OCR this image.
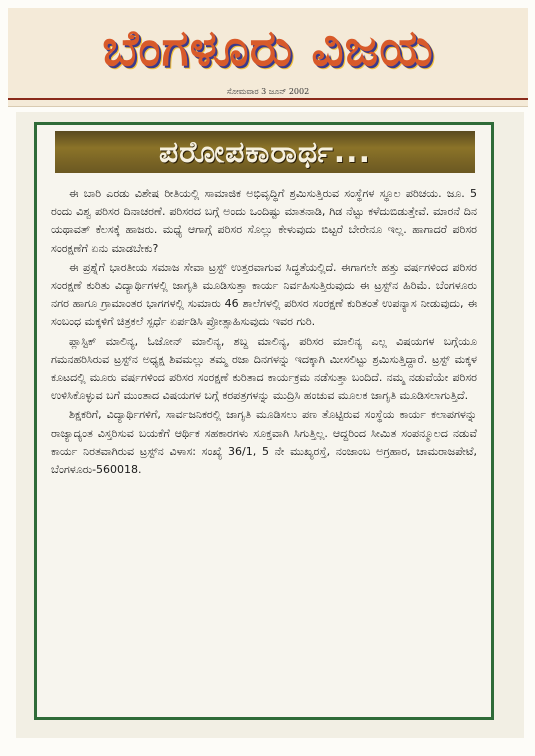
ಬೆಂಗಳೂರು ವಿಜಯ
ಸೋಮವಾರ 3 ಜೂನ್ 2002
ಪರೋಪಕಾರಾರ್ಥ...

ಈ ಬಾರಿ ಎರಡು ವಿಶೇಷ ರೀತಿಯಲ್ಲಿ ಸಾಮಾಜಿಕ ಅಭಿವೃದ್ಧಿಗೆ ಶ್ರಮಿಸುತ್ತಿರುವ ಸಂಸ್ಥೆಗಳ ಸ್ಥೂಲ ಪರಿಚಯ. ಜೂ. 5 ರಂದು ವಿಶ್ವ ಪರಿಸರ ದಿನಾಚರಣೆ. ಪರಿಸರದ ಬಗ್ಗೆ ಅಂದು ಒಂದಿಷ್ಟು ಮಾತನಾಡಿ, ಗಿಡ ನೆಟ್ಟು ಕಳೆದುಬಿಡುತ್ತೇವೆ. ಮಾರನೆ ದಿನ ಯಥಾವತ್ ಕೆಲಸಕ್ಕೆ ಹಾಜರು. ಮಧ್ಯೆ ಆಗಾಗ್ಗೆ ಪರಿಸರ ಸೊಲ್ಲು ಕೇಳುವುದು ಬಿಟ್ಟರೆ ಬೇರೇನೂ ಇಲ್ಲ. ಹಾಗಾದರೆ ಪರಿಸರ ಸಂರಕ್ಷಣೆಗೆ ಏನು ಮಾಡಬೇಕು?

ಈ ಪ್ರಶ್ನೆಗೆ ಭಾರತೀಯ ಸಮಾಜ ಸೇವಾ ಟ್ರಸ್ಟ್ ಉತ್ತರವಾಗುವ ಸಿದ್ಧತೆಯಲ್ಲಿದೆ. ಈಗಾಗಲೇ ಹತ್ತು ವರ್ಷಗಳಿಂದ ಪರಿಸರ ಸಂರಕ್ಷಣೆ ಕುರಿತು ವಿದ್ಯಾರ್ಥಿಗಳಲ್ಲಿ ಜಾಗೃತಿ ಮೂಡಿಸುತ್ತಾ ಕಾರ್ಯ ನಿರ್ವಹಿಸುತ್ತಿರುವುದು ಈ ಟ್ರಸ್ಟ್‌ನ ಹಿರಿಮೆ. ಬೆಂಗಳೂರು ನಗರ ಹಾಗೂ ಗ್ರಾಮಾಂತರ ಭಾಗಗಳಲ್ಲಿ ಸುಮಾರು 46 ಶಾಲೆಗಳಲ್ಲಿ ಪರಿಸರ ಸಂರಕ್ಷಣೆ ಕುರಿತಂತೆ ಉಪನ್ಯಾಸ ನೀಡುವುದು, ಈ ಸಂಬಂಧ ಮಕ್ಕಳಿಗೆ ಚಿತ್ರಕಲೆ ಸ್ಪರ್ಧೆ ಏರ್ಪಡಿಸಿ ಪ್ರೋತ್ಸಾಹಿಸುವುದು ಇವರ ಗುರಿ.

ಪ್ಲಾಸ್ಟಿಕ್ ಮಾಲಿನ್ಯ, ಓಜೋನ್ ಮಾಲಿನ್ಯ, ಶಬ್ದ ಮಾಲಿನ್ಯ, ಪರಿಸರ ಮಾಲಿನ್ಯ ಎಲ್ಲ ವಿಷಯಗಳ ಬಗ್ಗೆಯೂ ಗಮನಹರಿಸಿರುವ ಟ್ರಸ್ಟ್‌ನ ಅಧ್ಯಕ್ಷ ಶಿವಮಲ್ಲು ತಮ್ಮ ರಜಾ ದಿನಗಳನ್ನು ಇದಕ್ಕಾಗಿ ಮೀಸಲಿಟ್ಟು ಶ್ರಮಿಸುತ್ತಿದ್ದಾರೆ. ಟ್ರಸ್ಟ್ ಮಕ್ಕಳ ಕೂಟದಲ್ಲಿ ಮೂರು ವರ್ಷಗಳಿಂದ ಪರಿಸರ ಸಂರಕ್ಷಣೆ ಕುರಿತಾದ ಕಾರ್ಯಕ್ರಮ ನಡೆಸುತ್ತಾ ಬಂದಿದೆ. ನಮ್ಮ ನಡುವೆಯೇ ಪರಿಸರ ಉಳಿಸಿಕೊಳ್ಳುವ ಬಗೆ ಮುಂತಾದ ವಿಷಯಗಳ ಬಗ್ಗೆ ಕರಪತ್ರಗಳನ್ನು ಮುದ್ರಿಸಿ ಹಂಚುವ ಮೂಲಕ ಜಾಗೃತಿ ಮೂಡಿಸಲಾಗುತ್ತಿದೆ.

ಶಿಕ್ಷಕರಿಗೆ, ವಿದ್ಯಾರ್ಥಿಗಳಿಗೆ, ಸಾರ್ವಜನಿಕರಲ್ಲಿ ಜಾಗೃತಿ ಮೂಡಿಸಲು ಪಣ ತೊಟ್ಟಿರುವ ಸಂಸ್ಥೆಯ ಕಾರ್ಯ ಕಲಾಪಗಳನ್ನು ರಾಜ್ಯಾದ್ಯಂತ ವಿಸ್ತರಿಸುವ ಬಯಕೆಗೆ ಆರ್ಥಿಕ ಸಹಕಾರಗಳು ಸೂಕ್ತವಾಗಿ ಸಿಗುತ್ತಿಲ್ಲ. ಆದ್ದರಿಂದ ಸೀಮಿತ ಸಂಪನ್ಮೂಲದ ನಡುವೆ ಕಾರ್ಯ ನಿರತವಾಗಿರುವ ಟ್ರಸ್ಟ್‌ನ ವಿಳಾಸ: ಸಂಖ್ಯೆ 36/1, 5 ನೇ ಮುಖ್ಯರಸ್ತೆ, ನಂಜಾಂಬ ಅಗ್ರಹಾರ, ಚಾಮರಾಜಪೇಟೆ, ಬೆಂಗಳೂರು-560018.
